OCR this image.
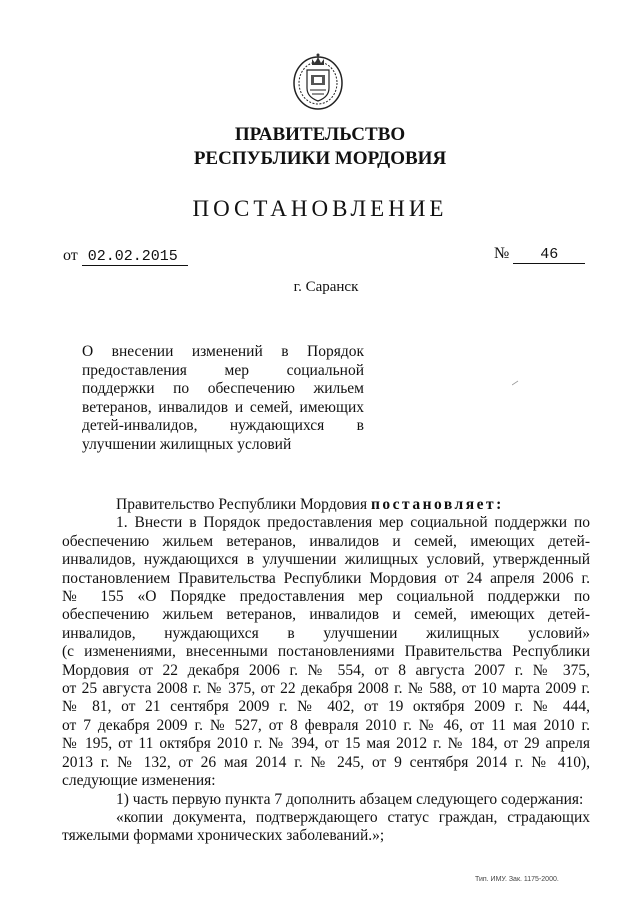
ПРАВИТЕЛЬСТВО
РЕСПУБЛИКИ МОРДОВИЯ
ПОСТАНОВЛЕНИЕ
от 02.02.2015	№ 46
г. Саранск
О внесении изменений в Порядок
предоставления мер социальной
поддержки по обеспечению жильем
ветеранов, инвалидов и семей, имеющих
детей-инвалидов, нуждающихся в
улучшении жилищных условий
Правительство Республики Мордовия постановляет:
1. Внести в Порядок предоставления мер социальной поддержки по
обеспечению жильем ветеранов, инвалидов и семей, имеющих детей-
инвалидов, нуждающихся в улучшении жилищных условий, утвержденный
постановлением Правительства Республики Мордовия от 24 апреля 2006 г.
№ 155 «О Порядке предоставления мер социальной поддержки по
обеспечению жильем ветеранов, инвалидов и семей, имеющих детей-
инвалидов, нуждающихся в улучшении жилищных условий»
(с изменениями, внесенными постановлениями Правительства Республики
Мордовия от 22 декабря 2006 г. № 554, от 8 августа 2007 г. № 375,
от 25 августа 2008 г. № 375, от 22 декабря 2008 г. № 588, от 10 марта 2009 г.
№ 81, от 21 сентября 2009 г. № 402, от 19 октября 2009 г. № 444,
от 7 декабря 2009 г. № 527, от 8 февраля 2010 г. № 46, от 11 мая 2010 г.
№ 195, от 11 октября 2010 г. № 394, от 15 мая 2012 г. № 184, от 29 апреля
2013 г. № 132, от 26 мая 2014 г. № 245, от 9 сентября 2014 г. № 410),
следующие изменения:
1) часть первую пункта 7 дополнить абзацем следующего содержания:
«копии документа, подтверждающего статус граждан, страдающих
тяжелыми формами хронических заболеваний.»;
Тип. ИМУ. Зак. 1175-2000.
